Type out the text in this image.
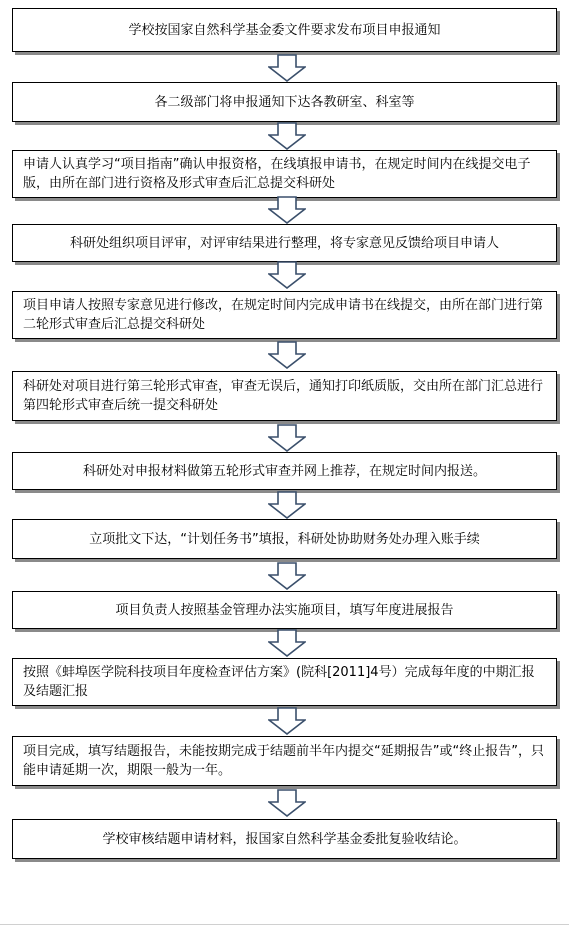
学校按国家自然科学基金委文件要求发布项目申报通知
各二级部门将申报通知下达各教研室、科室等
申请人认真学习“项目指南”确认申报资格，在线填报申请书，在规定时间内在线提交电子版，由所在部门进行资格及形式审查后汇总提交科研处
科研处组织项目评审，对评审结果进行整理，将专家意见反馈给项目申请人
项目申请人按照专家意见进行修改，在规定时间内完成申请书在线提交，由所在部门进行第二轮形式审查后汇总提交科研处
科研处对项目进行第三轮形式审查，审查无误后，通知打印纸质版，交由所在部门汇总进行第四轮形式审查后统一提交科研处
科研处对申报材料做第五轮形式审查并网上推荐，在规定时间内报送。
立项批文下达，“计划任务书”填报，科研处协助财务处办理入账手续
项目负责人按照基金管理办法实施项目，填写年度进展报告
按照《蚌埠医学院科技项目年度检查评估方案》(院科[2011]4号）完成每年度的中期汇报及结题汇报
项目完成，填写结题报告，未能按期完成于结题前半年内提交“延期报告”或“终止报告”，只能申请延期一次，期限一般为一年。
学校审核结题申请材料，报国家自然科学基金委批复验收结论。
